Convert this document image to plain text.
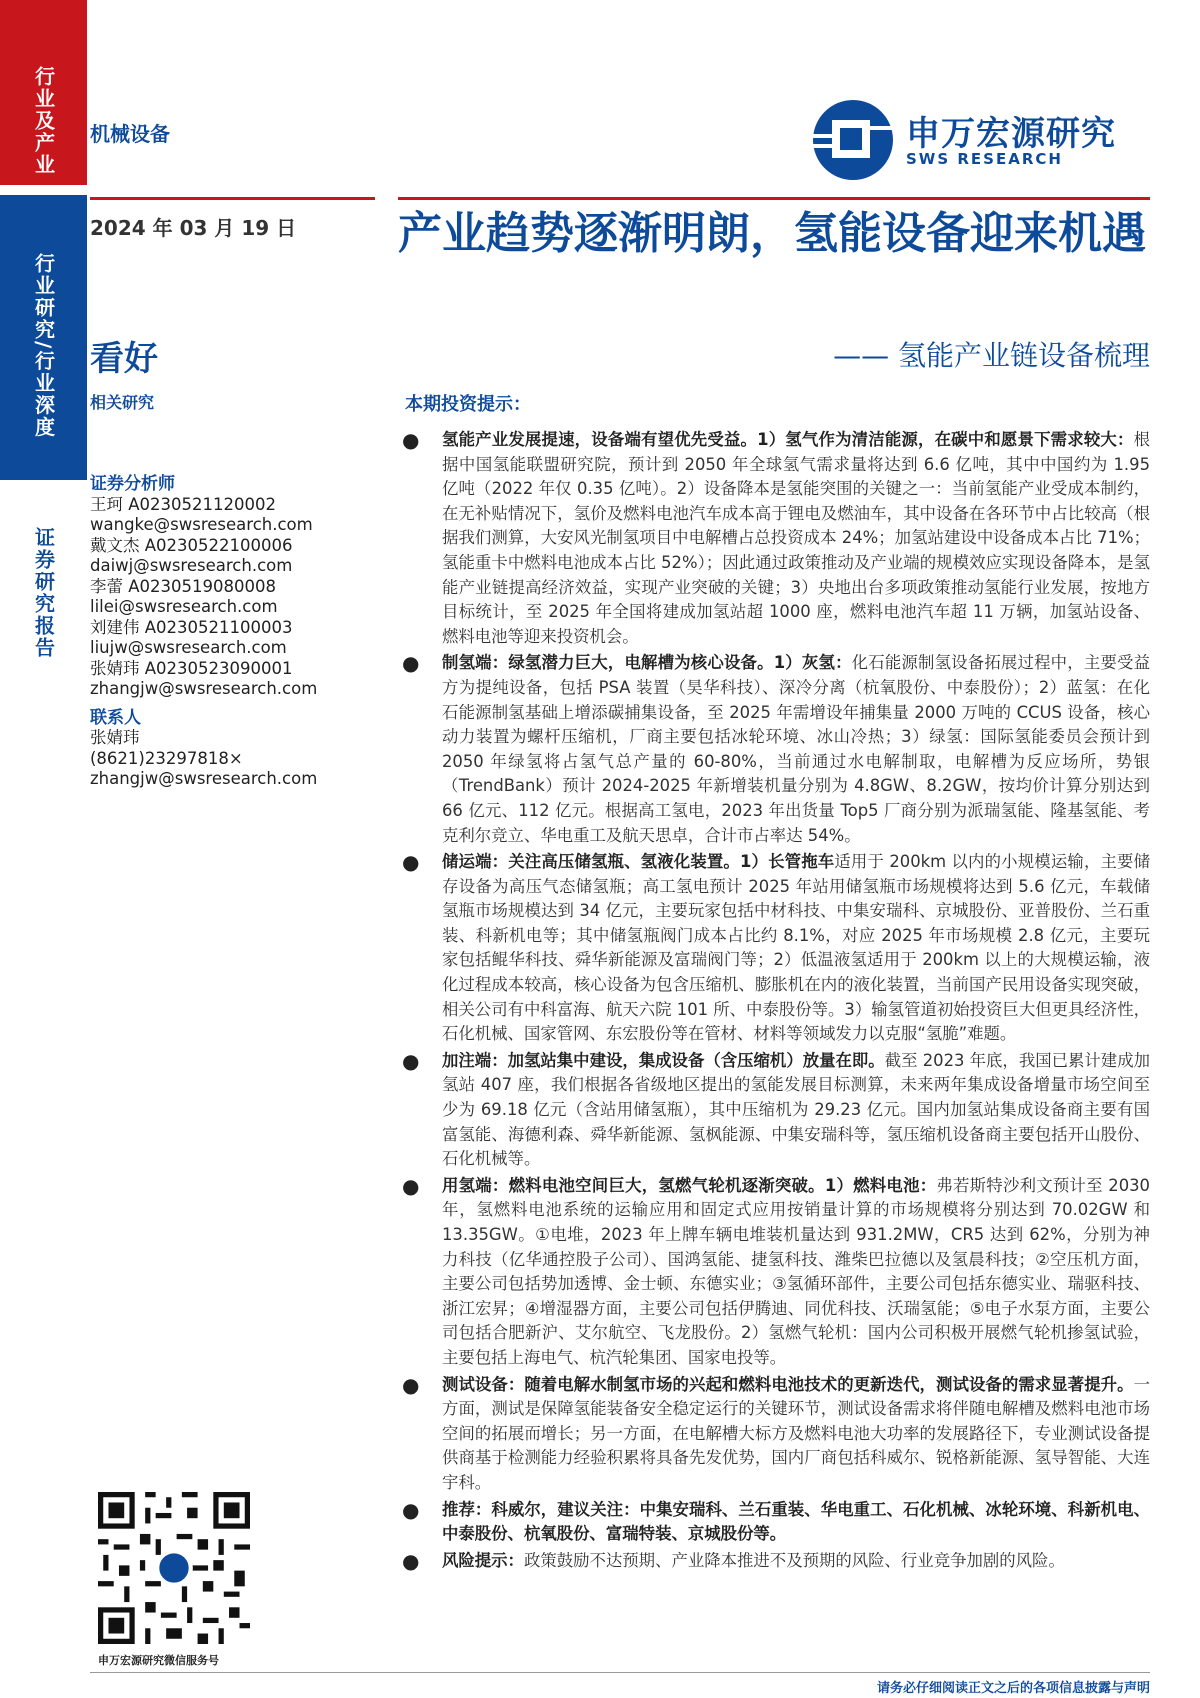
行业及产业
行业研究/行业深度
证券研究报告
机械设备	申万宏源研究
SWS RESEARCH
2024 年 03 月 19 日 产业趋势逐渐明朗，氢能设备迎来机遇
—— 氢能产业链设备梳理
看好
相关研究
证券分析师
王珂 A0230521120002
wangke@swsresearch.com
戴文杰 A0230522100006
daiwj@swsresearch.com
李蕾 A0230519080008
lilei@swsresearch.com
刘建伟 A0230521100003
liujw@swsresearch.com
张婧玮 A0230523090001
zhangjw@swsresearch.com
联系人
张婧玮
(8621)23297818×
zhangjw@swsresearch.com
申万宏源研究微信服务号
本期投资提示：
● 氢能产业发展提速，设备端有望优先受益。1）氢气作为清洁能源，在碳中和愿景下需求较大：根据中国氢能联盟研究院，预计到 2050 年全球氢气需求量将达到 6.6 亿吨，其中中国约为 1.95 亿吨（2022 年仅 0.35 亿吨）。2）设备降本是氢能突围的关键之一：当前氢能产业受成本制约，在无补贴情况下，氢价及燃料电池汽车成本高于锂电及燃油车，其中设备在各环节中占比较高（根据我们测算，大安风光制氢项目中电解槽占总投资成本 24%；加氢站建设中设备成本占比 71%；氢能重卡中燃料电池成本占比 52%）；因此通过政策推动及产业端的规模效应实现设备降本，是氢能产业链提高经济效益，实现产业突破的关键；3）央地出台多项政策推动氢能行业发展，按地方目标统计，至 2025 年全国将建成加氢站超 1000 座，燃料电池汽车超 11 万辆，加氢站设备、燃料电池等迎来投资机会。
● 制氢端：绿氢潜力巨大，电解槽为核心设备。1）灰氢：化石能源制氢设备拓展过程中，主要受益方为提纯设备，包括 PSA 装置（昊华科技）、深冷分离（杭氧股份、中泰股份）；2）蓝氢：在化石能源制氢基础上增添碳捕集设备，至 2025 年需增设年捕集量 2000 万吨的 CCUS 设备，核心动力装置为螺杆压缩机，厂商主要包括冰轮环境、冰山冷热；3）绿氢：国际氢能委员会预计到 2050 年绿氢将占氢气总产量的 60-80%，当前通过水电解制取，电解槽为反应场所，势银（TrendBank）预计 2024-2025 年新增装机量分别为 4.8GW、8.2GW，按均价计算分别达到 66 亿元、112 亿元。根据高工氢电，2023 年出货量 Top5 厂商分别为派瑞氢能、隆基氢能、考克利尔竞立、华电重工及航天思卓，合计市占率达 54%。
● 储运端：关注高压储氢瓶、氢液化装置。1）长管拖车适用于 200km 以内的小规模运输，主要储存设备为高压气态储氢瓶；高工氢电预计 2025 年站用储氢瓶市场规模将达到 5.6 亿元，车载储氢瓶市场规模达到 34 亿元，主要玩家包括中材科技、中集安瑞科、京城股份、亚普股份、兰石重装、科新机电等；其中储氢瓶阀门成本占比约 8.1%，对应 2025 年市场规模 2.8 亿元，主要玩家包括鲲华科技、舜华新能源及富瑞阀门等；2）低温液氢适用于 200km 以上的大规模运输，液化过程成本较高，核心设备为包含压缩机、膨胀机在内的液化装置，当前国产民用设备实现突破，相关公司有中科富海、航天六院 101 所、中泰股份等。3）输氢管道初始投资巨大但更具经济性，石化机械、国家管网、东宏股份等在管材、材料等领域发力以克服“氢脆”难题。
● 加注端：加氢站集中建设，集成设备（含压缩机）放量在即。截至 2023 年底，我国已累计建成加氢站 407 座，我们根据各省级地区提出的氢能发展目标测算，未来两年集成设备增量市场空间至少为 69.18 亿元（含站用储氢瓶），其中压缩机为 29.23 亿元。国内加氢站集成设备商主要有国富氢能、海德利森、舜华新能源、氢枫能源、中集安瑞科等，氢压缩机设备商主要包括开山股份、石化机械等。
● 用氢端：燃料电池空间巨大，氢燃气轮机逐渐突破。1）燃料电池：弗若斯特沙利文预计至 2030 年，氢燃料电池系统的运输应用和固定式应用按销量计算的市场规模将分别达到 70.02GW 和 13.35GW。①电堆，2023 年上牌车辆电堆装机量达到 931.2MW，CR5 达到 62%，分别为神力科技（亿华通控股子公司）、国鸿氢能、捷氢科技、潍柴巴拉德以及氢晨科技；②空压机方面，主要公司包括势加透博、金士顿、东德实业；③氢循环部件，主要公司包括东德实业、瑞驱科技、浙江宏昇；④增湿器方面，主要公司包括伊腾迪、同优科技、沃瑞氢能；⑤电子水泵方面，主要公司包括合肥新沪、艾尔航空、飞龙股份。2）氢燃气轮机：国内公司积极开展燃气轮机掺氢试验，主要包括上海电气、杭汽轮集团、国家电投等。
● 测试设备：随着电解水制氢市场的兴起和燃料电池技术的更新迭代，测试设备的需求显著提升。一方面，测试是保障氢能装备安全稳定运行的关键环节，测试设备需求将伴随电解槽及燃料电池市场空间的拓展而增长；另一方面，在电解槽大标方及燃料电池大功率的发展路径下，专业测试设备提供商基于检测能力经验积累将具备先发优势，国内厂商包括科威尔、锐格新能源、氢导智能、大连宇科。
● 推荐：科威尔，建议关注：中集安瑞科、兰石重装、华电重工、石化机械、冰轮环境、科新机电、中泰股份、杭氧股份、富瑞特装、京城股份等。
● 风险提示：政策鼓励不达预期、产业降本推进不及预期的风险、行业竞争加剧的风险。
请务必仔细阅读正文之后的各项信息披露与声明
